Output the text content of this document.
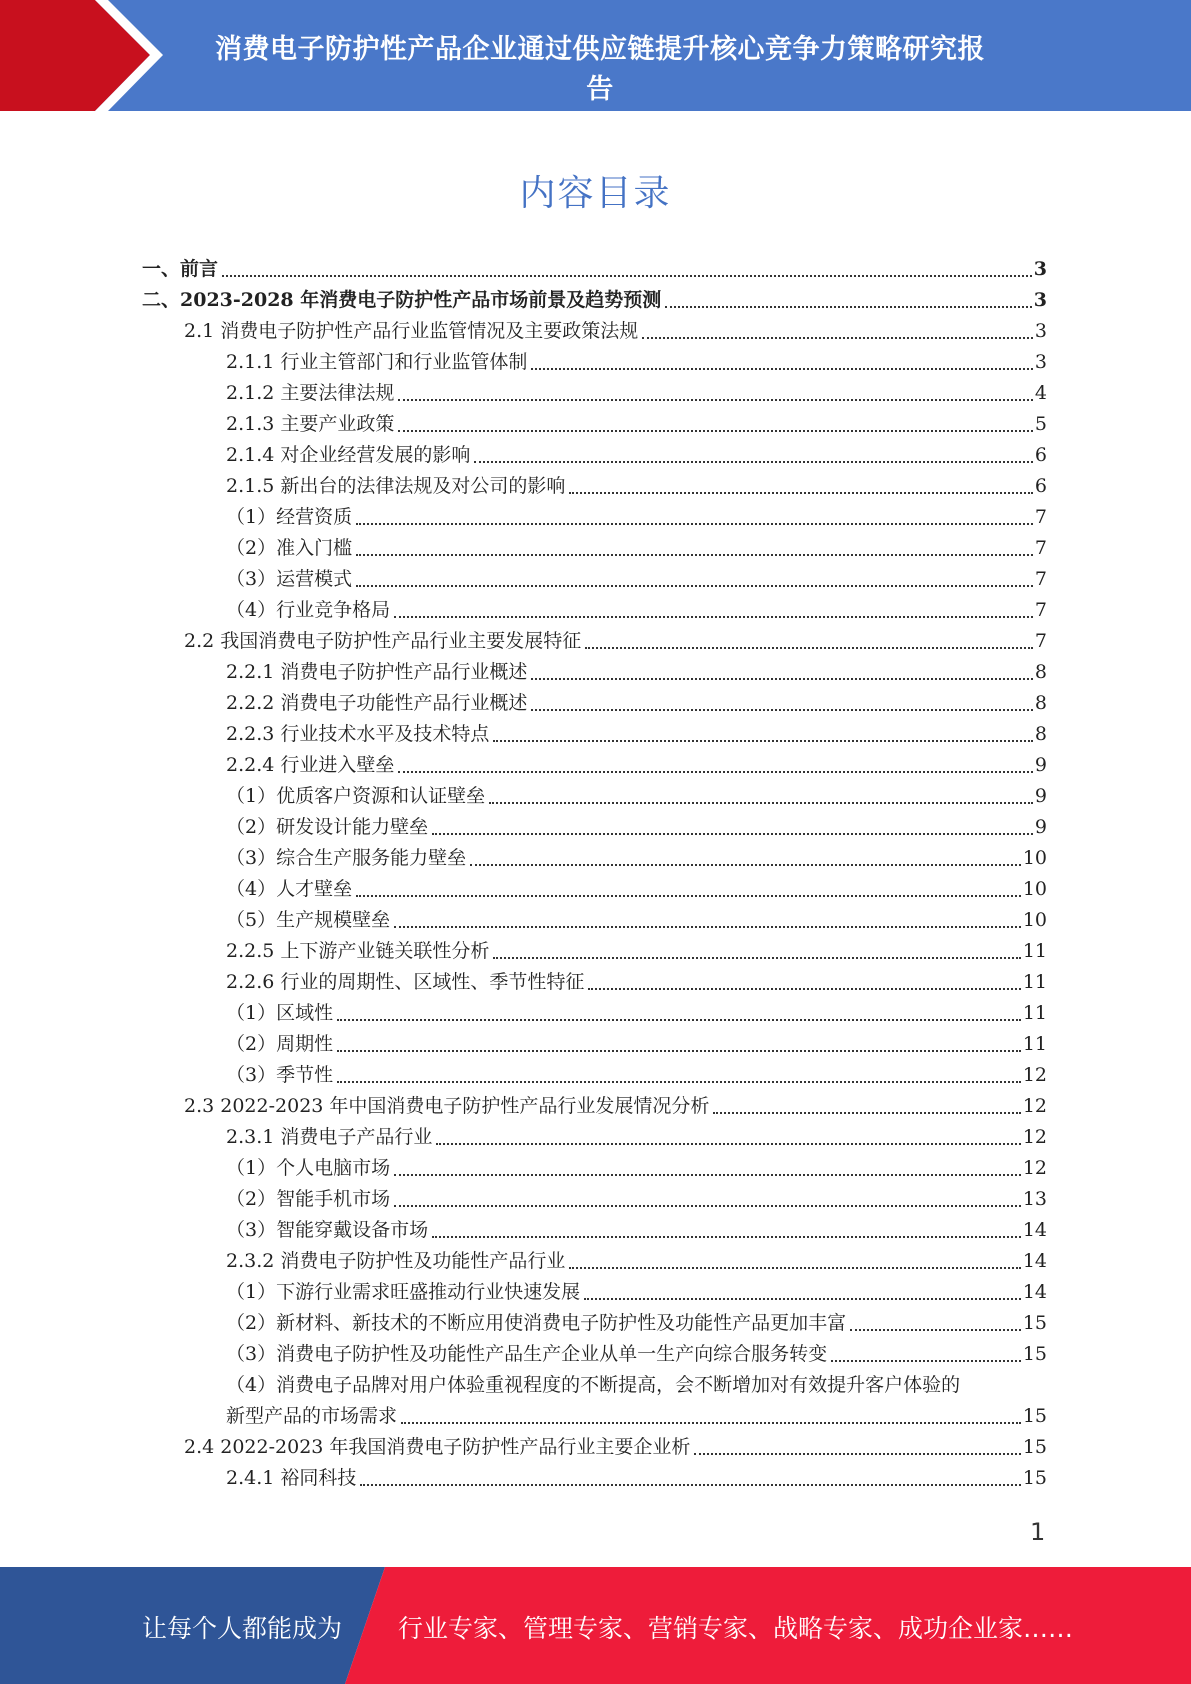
消费电子防护性产品企业通过供应链提升核心竞争力策略研究报
告
内容目录
一、前言	3
二、2023-2028 年消费电子防护性产品市场前景及趋势预测	3
2.1 消费电子防护性产品行业监管情况及主要政策法规	3
2.1.1 行业主管部门和行业监管体制	3
2.1.2 主要法律法规	4
2.1.3 主要产业政策	5
2.1.4 对企业经营发展的影响	6
2.1.5 新出台的法律法规及对公司的影响	6
（1）经营资质	7
（2）准入门槛	7
（3）运营模式	7
（4）行业竞争格局	7
2.2 我国消费电子防护性产品行业主要发展特征	7
2.2.1 消费电子防护性产品行业概述	8
2.2.2 消费电子功能性产品行业概述	8
2.2.3 行业技术水平及技术特点	8
2.2.4 行业进入壁垒	9
（1）优质客户资源和认证壁垒	9
（2）研发设计能力壁垒	9
（3）综合生产服务能力壁垒	10
（4）人才壁垒	10
（5）生产规模壁垒	10
2.2.5 上下游产业链关联性分析	11
2.2.6 行业的周期性、区域性、季节性特征	11
（1）区域性	11
（2）周期性	11
（3）季节性	12
2.3 2022-2023 年中国消费电子防护性产品行业发展情况分析	12
2.3.1 消费电子产品行业	12
（1）个人电脑市场	12
（2）智能手机市场	13
（3）智能穿戴设备市场	14
2.3.2 消费电子防护性及功能性产品行业	14
（1）下游行业需求旺盛推动行业快速发展	14
（2）新材料、新技术的不断应用使消费电子防护性及功能性产品更加丰富	15
（3）消费电子防护性及功能性产品生产企业从单一生产向综合服务转变	15
（4）消费电子品牌对用户体验重视程度的不断提高，会不断增加对有效提升客户体验的
新型产品的市场需求	15
2.4 2022-2023 年我国消费电子防护性产品行业主要企业析	15
2.4.1 裕同科技	15
1
让每个人都能成为 行业专家、管理专家、营销专家、战略专家、成功企业家……
